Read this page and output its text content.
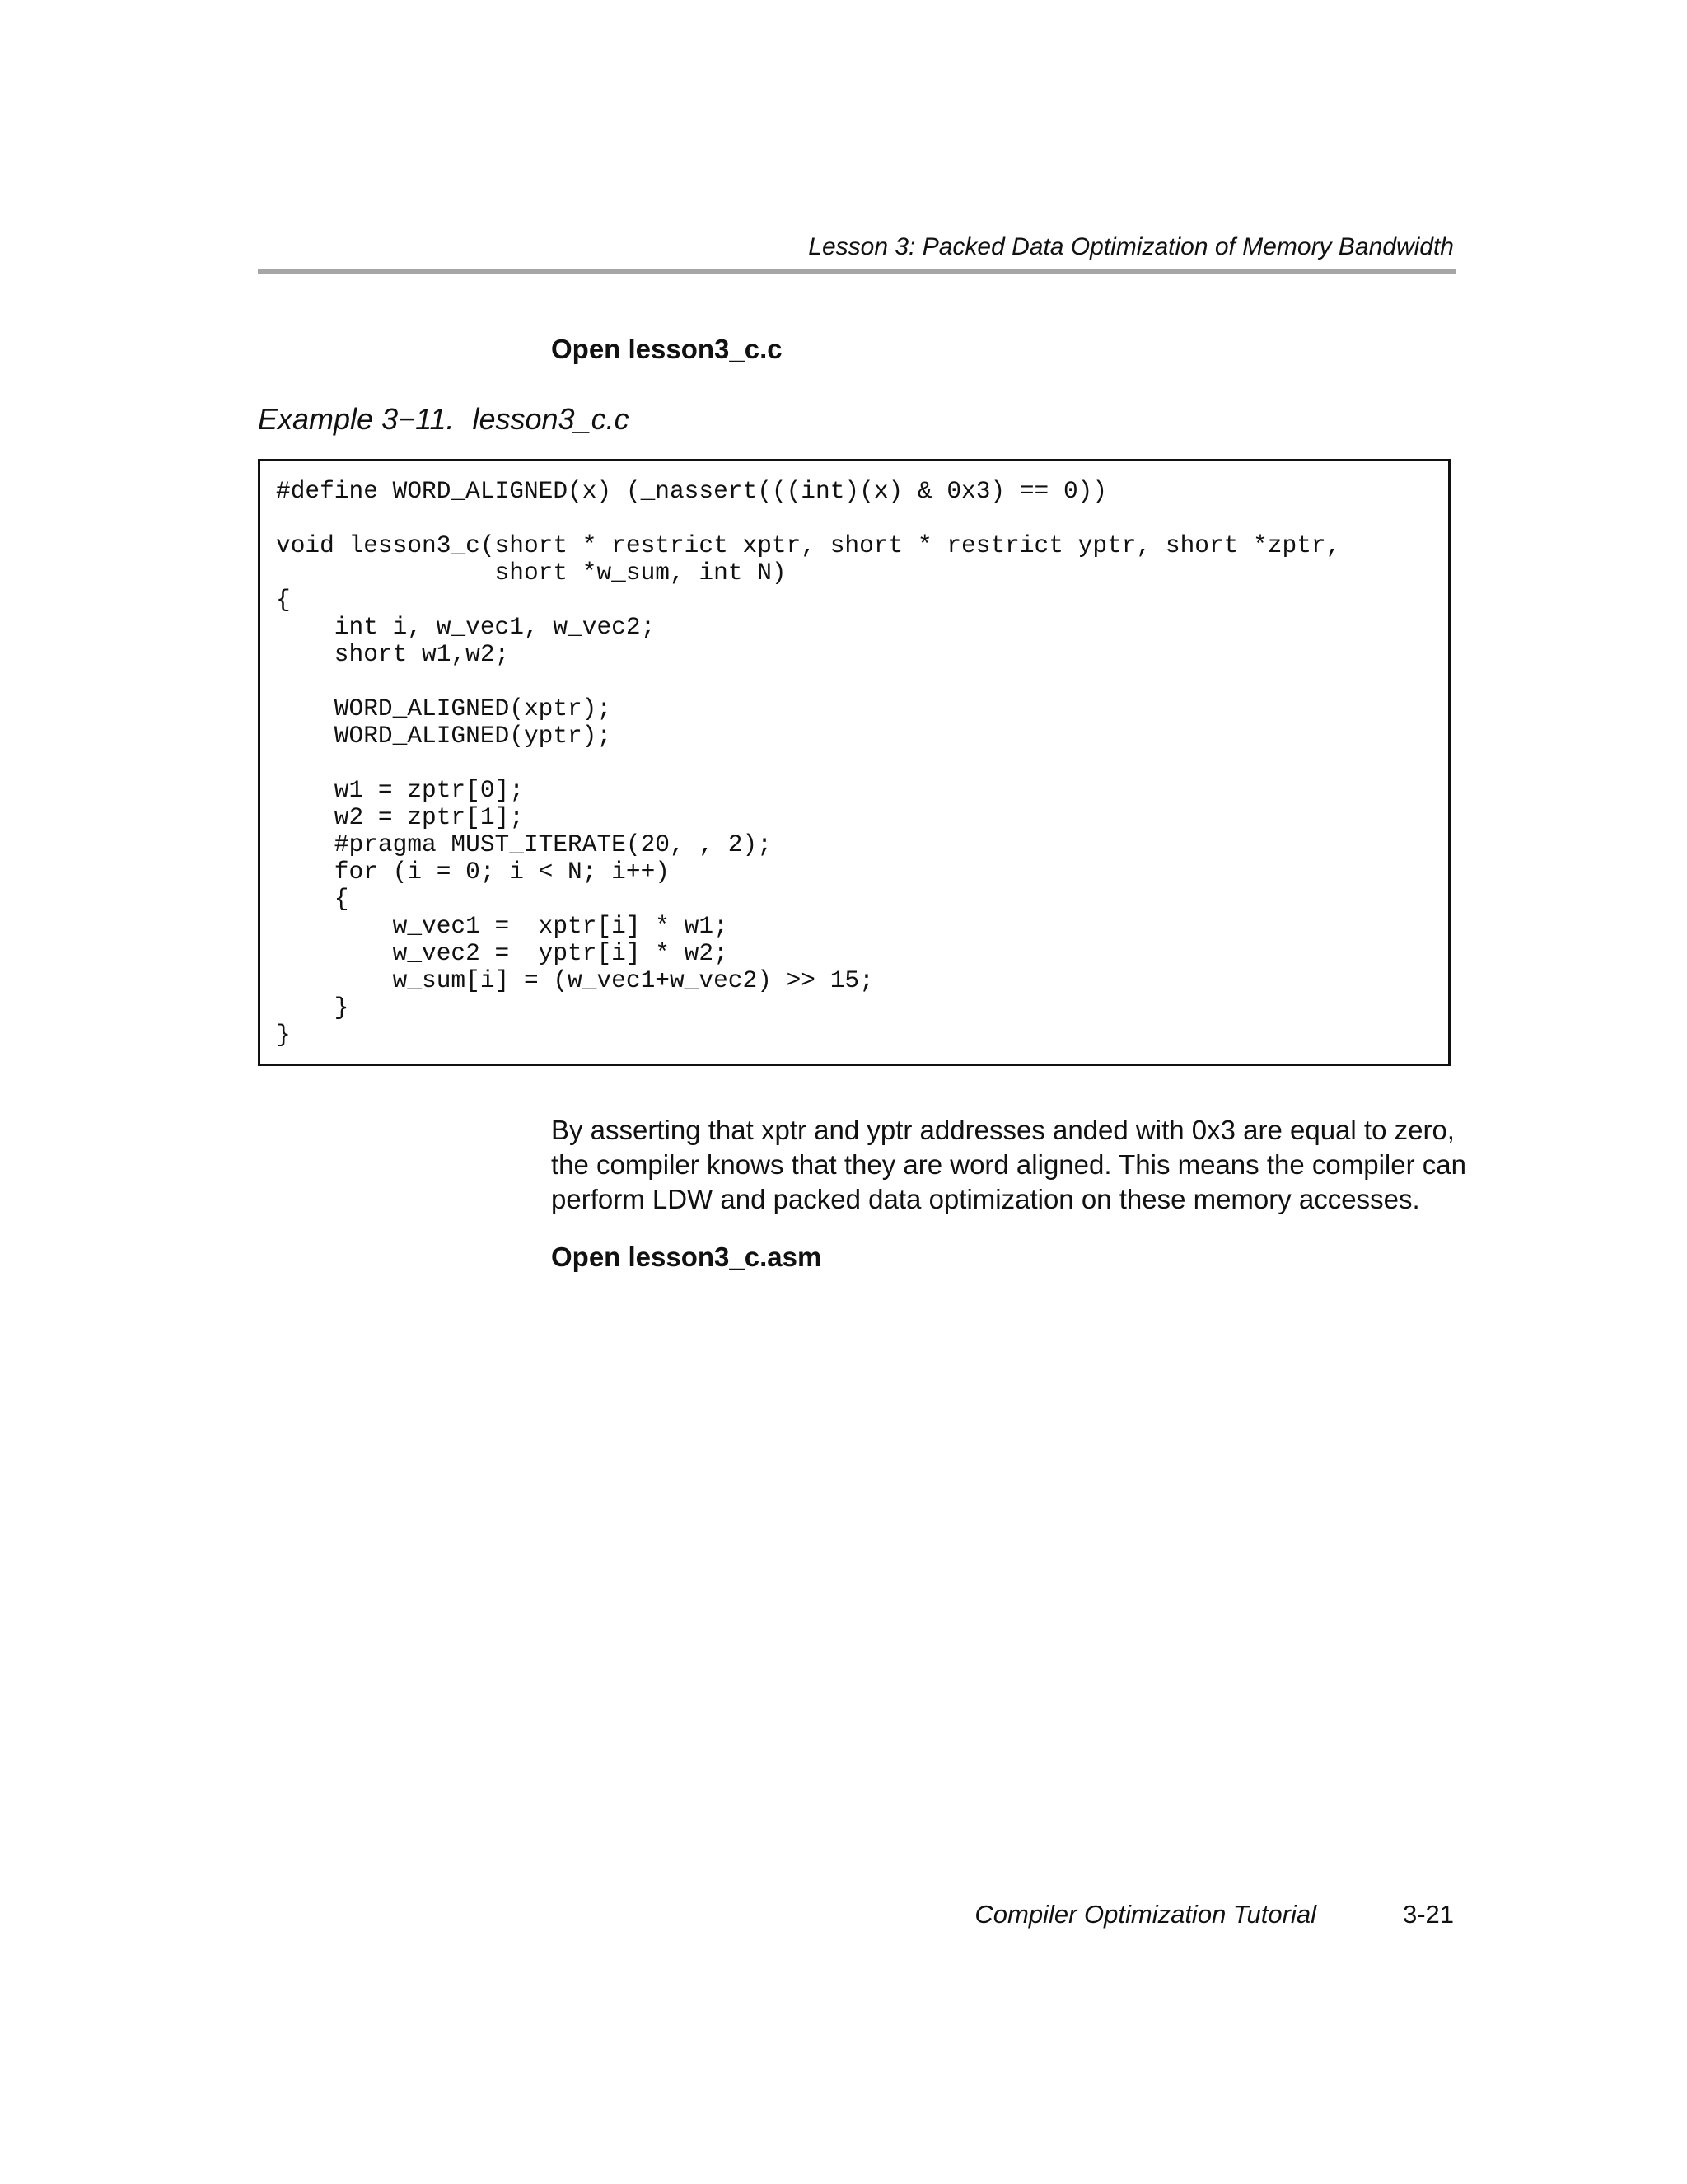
Lesson 3: Packed Data Optimization of Memory Bandwidth
Open lesson3_c.c
Example 3−11. lesson3_c.c
#define WORD_ALIGNED(x) (_nassert(((int)(x) & 0x3) == 0))
void lesson3_c(short * restrict xptr, short * restrict yptr, short *zptr,
short *w_sum, int N)
{
int i, w_vec1, w_vec2;
short w1,w2;
WORD_ALIGNED(xptr);
WORD_ALIGNED(yptr);
w1 = zptr[0];
w2 = zptr[1];
#pragma MUST_ITERATE(20, , 2);
for (i = 0; i < N; i++)
{
w_vec1 =  xptr[i] * w1;
w_vec2 =  yptr[i] * w2;
w_sum[i] = (w_vec1+w_vec2) >> 15;
}
}

By asserting that xptr and yptr addresses anded with 0x3 are equal to zero,
the compiler knows that they are word aligned. This means the compiler can
perform LDW and packed data optimization on these memory accesses.

Open lesson3_c.asm
Compiler Optimization Tutorial	3-21
